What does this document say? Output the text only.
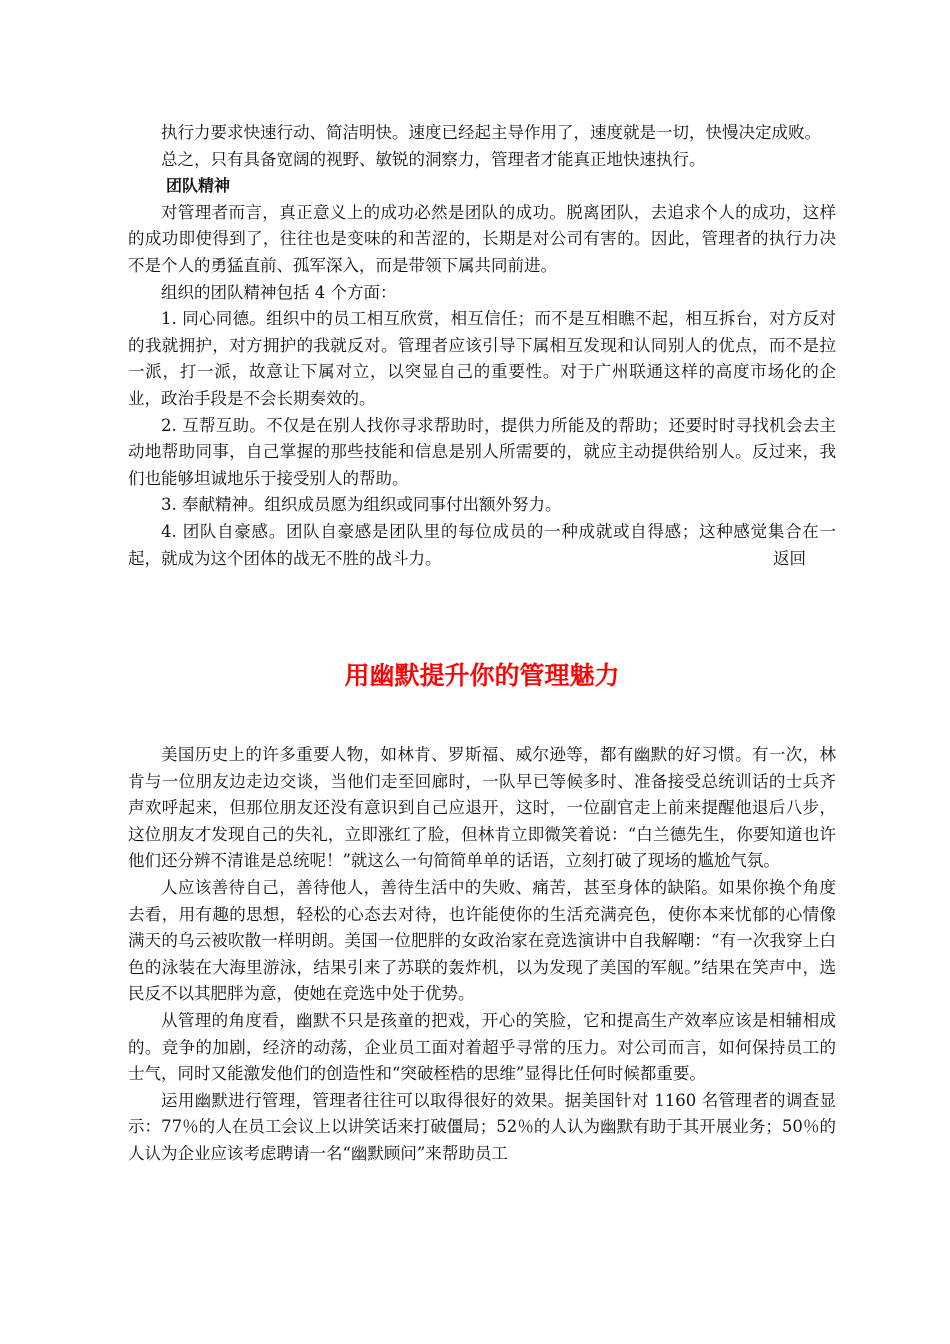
执行力要求快速行动、简洁明快。速度已经起主导作用了，速度就是一切，快慢决定成败。

总之，只有具备宽阔的视野、敏锐的洞察力，管理者才能真正地快速执行。

团队精神

对管理者而言，真正意义上的成功必然是团队的成功。脱离团队，去追求个人的成功，这样的成功即使得到了，往往也是变味的和苦涩的，长期是对公司有害的。因此，管理者的执行力决不是个人的勇猛直前、孤军深入，而是带领下属共同前进。

组织的团队精神包括 4 个方面：

1. 同心同德。组织中的员工相互欣赏，相互信任；而不是互相瞧不起，相互拆台，对方反对的我就拥护，对方拥护的我就反对。管理者应该引导下属相互发现和认同别人的优点，而不是拉一派，打一派，故意让下属对立，以突显自己的重要性。对于广州联通这样的高度市场化的企业，政治手段是不会长期奏效的。

2. 互帮互助。不仅是在别人找你寻求帮助时，提供力所能及的帮助；还要时时寻找机会去主动地帮助同事，自己掌握的那些技能和信息是别人所需要的，就应主动提供给别人。反过来，我们也能够坦诚地乐于接受别人的帮助。

3. 奉献精神。组织成员愿为组织或同事付出额外努力。

4. 团队自豪感。团队自豪感是团队里的每位成员的一种成就或自得感；这种感觉集合在一起，就成为这个团体的战无不胜的战斗力。	返回

用幽默提升你的管理魅力

美国历史上的许多重要人物，如林肯、罗斯福、威尔逊等，都有幽默的好习惯。有一次，林肯与一位朋友边走边交谈，当他们走至回廊时，一队早已等候多时、准备接受总统训话的士兵齐声欢呼起来，但那位朋友还没有意识到自己应退开，这时，一位副官走上前来提醒他退后八步，这位朋友才发现自己的失礼，立即涨红了脸，但林肯立即微笑着说：“白兰德先生，你要知道也许他们还分辨不清谁是总统呢！”就这么一句简简单单的话语，立刻打破了现场的尴尬气氛。

人应该善待自己，善待他人，善待生活中的失败、痛苦，甚至身体的缺陷。如果你换个角度去看，用有趣的思想，轻松的心态去对待，也许能使你的生活充满亮色，使你本来忧郁的心情像满天的乌云被吹散一样明朗。美国一位肥胖的女政治家在竞选演讲中自我解嘲：“有一次我穿上白色的泳装在大海里游泳，结果引来了苏联的轰炸机，以为发现了美国的军舰。”结果在笑声中，选民反不以其肥胖为意，使她在竞选中处于优势。

从管理的角度看，幽默不只是孩童的把戏，开心的笑脸，它和提高生产效率应该是相辅相成的。竞争的加剧，经济的动荡，企业员工面对着超乎寻常的压力。对公司而言，如何保持员工的士气，同时又能激发他们的创造性和“突破桎梏的思维”显得比任何时候都重要。

运用幽默进行管理，管理者往往可以取得很好的效果。据美国针对 1160 名管理者的调查显示：77％的人在员工会议上以讲笑话来打破僵局；52％的人认为幽默有助于其开展业务；50％的人认为企业应该考虑聘请一名“幽默顾问”来帮助员工
